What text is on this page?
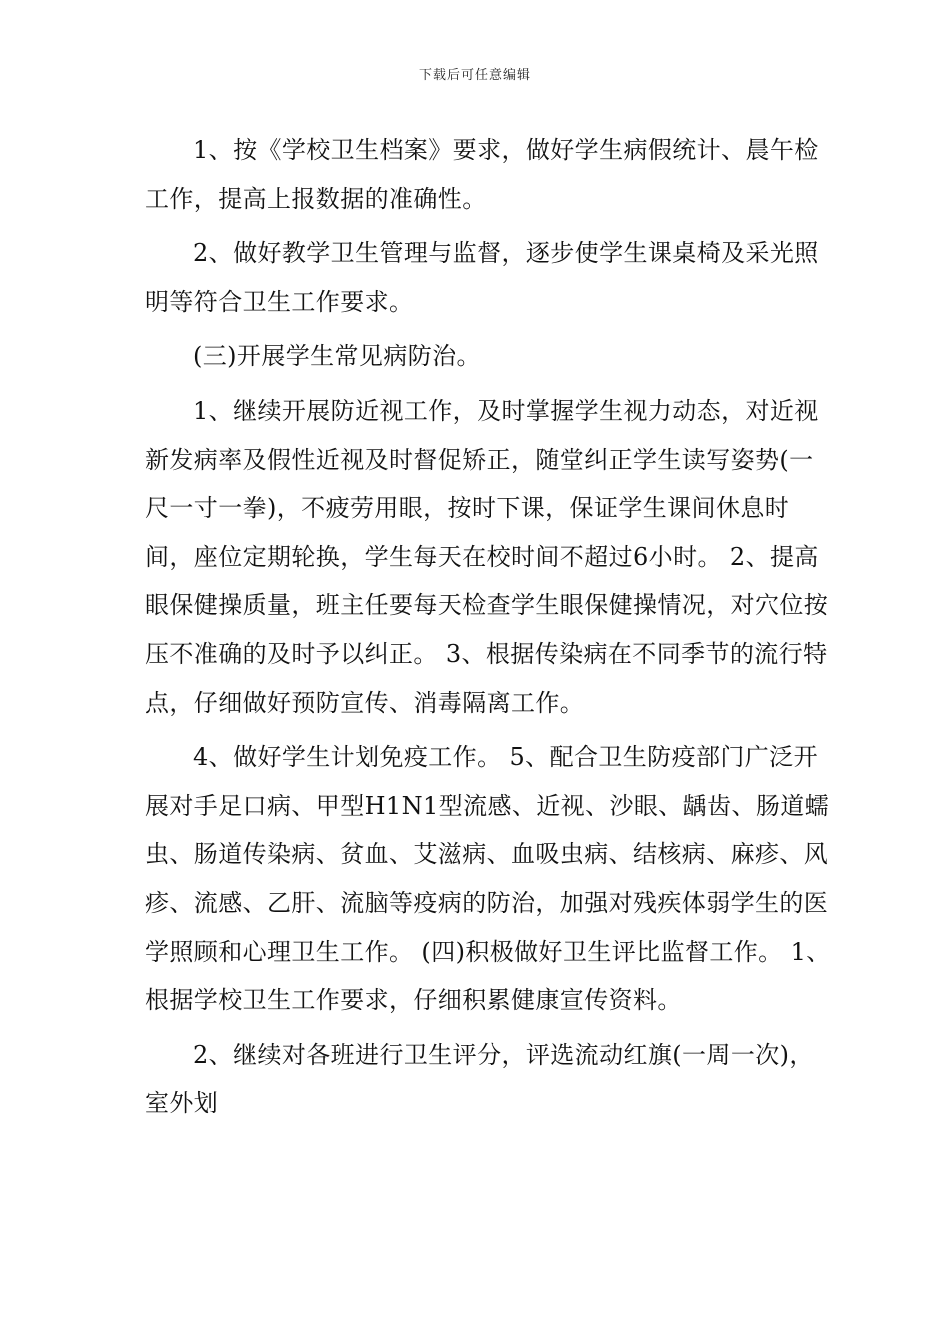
下载后可任意编辑

1、按《学校卫生档案》要求，做好学生病假统计、晨午检工作，提高上报数据的准确性。

2、做好教学卫生管理与监督，逐步使学生课桌椅及采光照明等符合卫生工作要求。

(三)开展学生常见病防治。

1、继续开展防近视工作，及时掌握学生视力动态，对近视新发病率及假性近视及时督促矫正，随堂纠正学生读写姿势(一尺一寸一拳)，不疲劳用眼，按时下课，保证学生课间休息时间，座位定期轮换，学生每天在校时间不超过6小时。 2、提高眼保健操质量，班主任要每天检查学生眼保健操情况，对穴位按压不准确的及时予以纠正。 3、根据传染病在不同季节的流行特点，仔细做好预防宣传、消毒隔离工作。

4、做好学生计划免疫工作。 5、配合卫生防疫部门广泛开展对手足口病、甲型H1N1型流感、近视、沙眼、龋齿、肠道蠕虫、肠道传染病、贫血、艾滋病、血吸虫病、结核病、麻疹、风疹、流感、乙肝、流脑等疫病的防治，加强对残疾体弱学生的医学照顾和心理卫生工作。 (四)积极做好卫生评比监督工作。 1、根据学校卫生工作要求，仔细积累健康宣传资料。

2、继续对各班进行卫生评分，评选流动红旗(一周一次)，室外划
